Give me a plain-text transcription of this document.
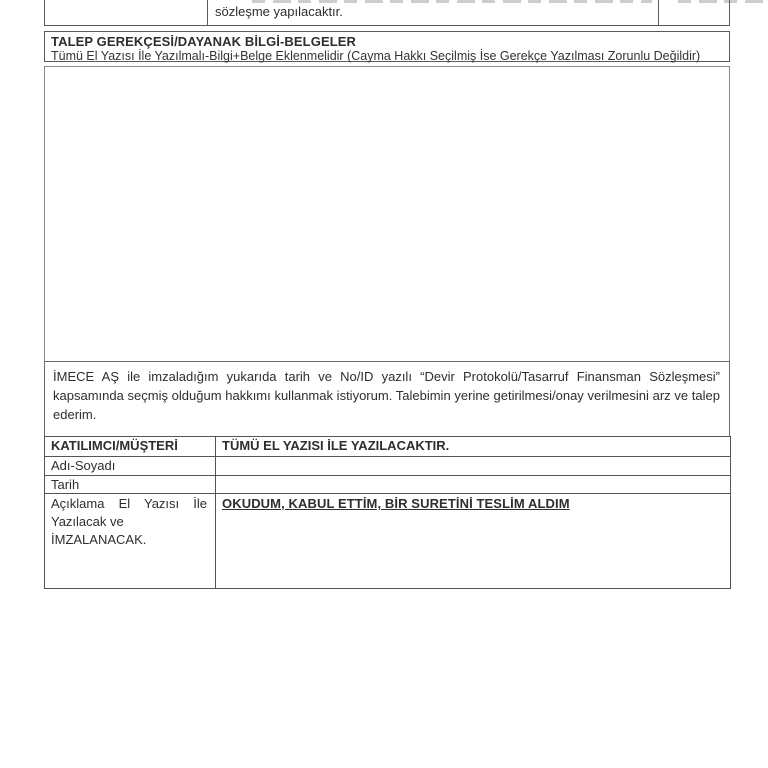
sözleşme yapılacaktır.
TALEP GEREKÇESİ/DAYANAK BİLGİ-BELGELER
Tümü El Yazısı İle Yazılmalı-Bilgi+Belge Eklenmelidir (Cayma Hakkı Seçilmiş İse Gerekçe Yazılması Zorunlu Değildir)
İMECE AŞ ile imzaladığım yukarıda tarih ve No/ID yazılı “Devir Protokolü/Tasarruf Finansman Sözleşmesi” kapsamında seçmiş olduğum hakkımı kullanmak istiyorum. Talebimin yerine getirilmesi/onay verilmesini arz ve talep ederim.
KATILIMCI/MÜŞTERİ	TÜMÜ EL YAZISI İLE YAZILACAKTIR.
Adı-Soyadı	
Tarih	

Açıklama El Yazısı İle
Yazılacak ve
İMZALANACAK.	OKUDUM, KABUL ETTİM, BİR SURETİNİ TESLİM ALDIM
